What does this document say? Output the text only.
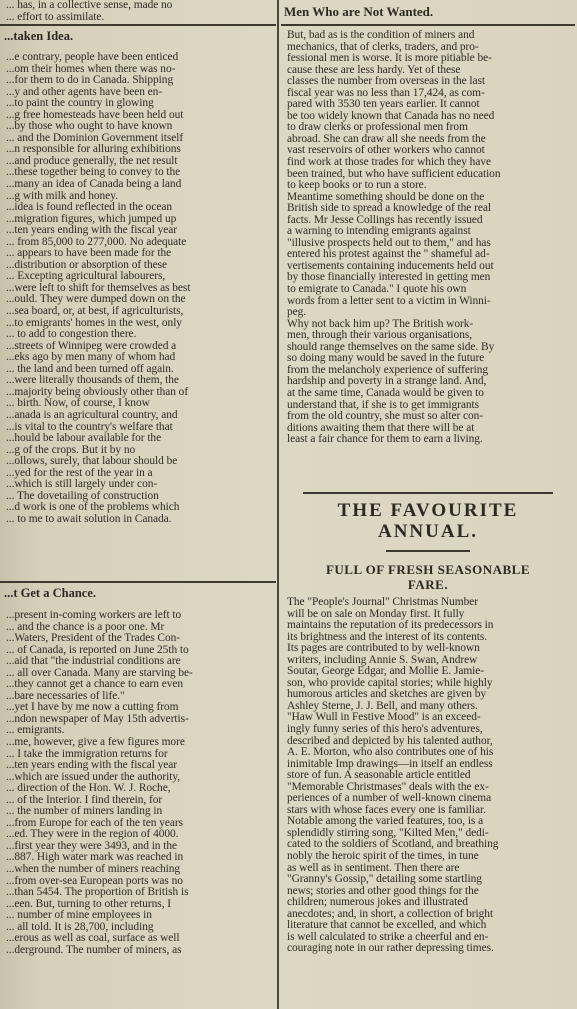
... has, in a collective sense, made no

... effort to assimilate.

...taken Idea.

...e contrary, people have been enticed

...om their homes when there was no-

...for them to do in Canada. Shipping

...y and other agents have been en-

...to paint the country in glowing

...g free homesteads have been held out

...by those who ought to have known

... and the Dominion Government itself

...n responsible for alluring exhibitions

...and produce generally, the net result

...these together being to convey to the

...many an idea of Canada being a land

...g with milk and honey.

...idea is found reflected in the ocean

...migration figures, which jumped up

...ten years ending with the fiscal year

... from 85,000 to 277,000. No adequate

... appears to have been made for the

...distribution or absorption of these

... Excepting agricultural labourers,

...were left to shift for themselves as best

...ould. They were dumped down on the

...sea board, or, at best, if agriculturists,

...to emigrants' homes in the west, only

... to add to congestion there.

...streets of Winnipeg were crowded a

...eks ago by men many of whom had

... the land and been turned off again.

...were literally thousands of them, the

...majority being obviously other than of

... birth. Now, of course, I know

...anada is an agricultural country, and

...is vital to the country's welfare that

...hould be labour available for the

...g of the crops. But it by no

...ollows, surely, that labour should be

...yed for the rest of the year in a

...which is still largely under con-

... The dovetailing of construction

...d work is one of the problems which

... to me to await solution in Canada.

...t Get a Chance.

...present in-coming workers are left to

... and the chance is a poor one. Mr

...Waters, President of the Trades Con-

... of Canada, is reported on June 25th to

...aid that "the industrial conditions are

... all over Canada. Many are starving be-

...they cannot get a chance to earn even

...bare necessaries of life."

...yet I have by me now a cutting from

...ndon newspaper of May 15th advertis-

... emigrants.

...me, however, give a few figures more

... I take the immigration returns for

...ten years ending with the fiscal year

...which are issued under the authority,

... direction of the Hon. W. J. Roche,

... of the Interior. I find therein, for

... the number of miners landing in

...from Europe for each of the ten years

...ed. They were in the region of 4000.

...first year they were 3493, and in the

...887. High water mark was reached in

...when the number of miners reaching

...from over-sea European ports was no

...than 5454. The proportion of British is

...een. But, turning to other returns, I

... number of mine employees in

... all told. It is 28,700, including

...erous as well as coal, surface as well

...derground. The number of miners, as

Men Who are Not Wanted.

But, bad as is the condition of miners and

mechanics, that of clerks, traders, and pro-

fessional men is worse. It is more pitiable be-

cause these are less hardy. Yet of these

classes the number from overseas in the last

fiscal year was no less than 17,424, as com-

pared with 3530 ten years earlier. It cannot

be too widely known that Canada has no need

to draw clerks or professional men from

abroad. She can draw all she needs from the

vast reservoirs of other workers who cannot

find work at those trades for which they have

been trained, but who have sufficient education

to keep books or to run a store.

Meantime something should be done on the

British side to spread a knowledge of the real

facts. Mr Jesse Collings has recently issued

a warning to intending emigrants against

"illusive prospects held out to them," and has

entered his protest against the " shameful ad-

vertisements containing inducements held out

by those financially interested in getting men

to emigrate to Canada." I quote his own

words from a letter sent to a victim in Winni-

peg.

Why not back him up? The British work-

men, through their various organisations,

should range themselves on the same side. By

so doing many would be saved in the future

from the melancholy experience of suffering

hardship and poverty in a strange land. And,

at the same time, Canada would be given to

understand that, if she is to get immigrants

from the old country, she must so alter con-

ditions awaiting them that there will be at

least a fair chance for them to earn a living.

THE FAVOURITE

ANNUAL.

FULL OF FRESH SEASONABLE

FARE.

The "People's Journal" Christmas Number

will be on sale on Monday first. It fully

maintains the reputation of its predecessors in

its brightness and the interest of its contents.

Its pages are contributed to by well-known

writers, including Annie S. Swan, Andrew

Soutar, George Edgar, and Mollie E. Jamie-

son, who provide capital stories; while highly

humorous articles and sketches are given by

Ashley Sterne, J. J. Bell, and many others.

"Haw Wull in Festive Mood" is an exceed-

ingly funny series of this hero's adventures,

described and depicted by his talented author,

A. E. Morton, who also contributes one of his

inimitable Imp drawings—in itself an endless

store of fun. A seasonable article entitled

"Memorable Christmases" deals with the ex-

periences of a number of well-known cinema

stars with whose faces every one is familiar.

Notable among the varied features, too, is a

splendidly stirring song, "Kilted Men," dedi-

cated to the soldiers of Scotland, and breathing

nobly the heroic spirit of the times, in tune

as well as in sentiment. Then there are

"Granny's Gossip," detailing some startling

news; stories and other good things for the

children; numerous jokes and illustrated

anecdotes; and, in short, a collection of bright

literature that cannot be excelled, and which

is well calculated to strike a cheerful and en-

couraging note in our rather depressing times.
